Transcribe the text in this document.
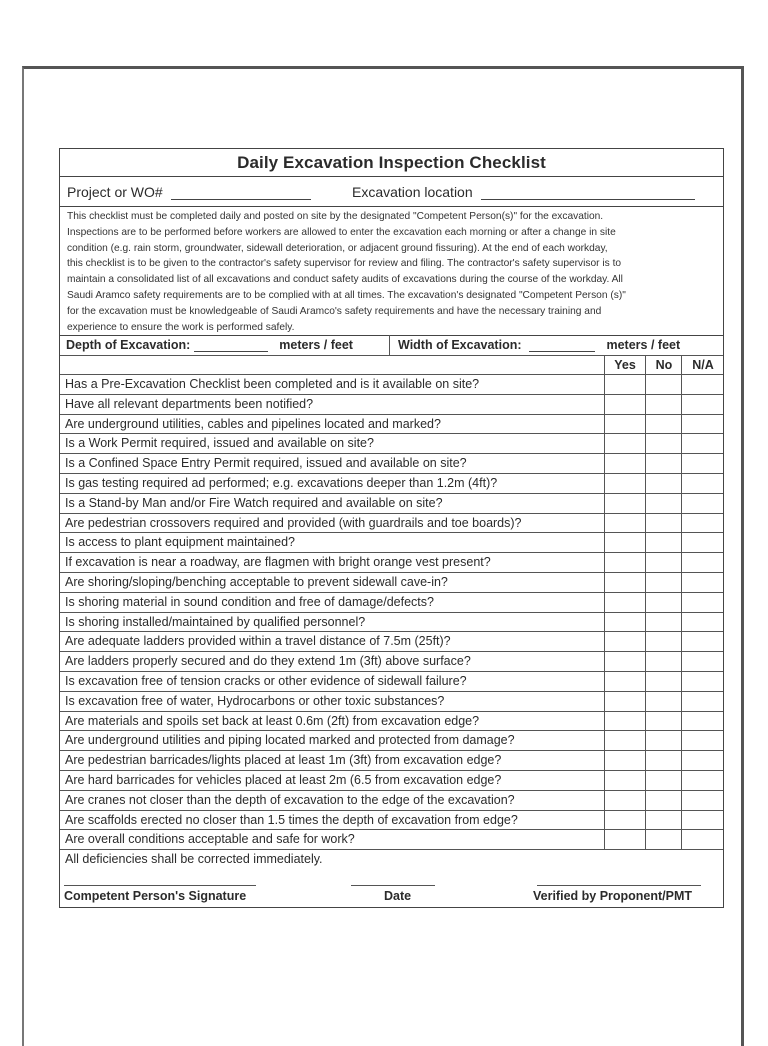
Daily Excavation Inspection Checklist
Project or WO#	Excavation location
This checklist must be completed daily and posted on site by the designated "Competent Person(s)" for the excavation.
Inspections are to be performed before workers are allowed to enter the excavation each morning or after a change in site
condition (e.g. rain storm, groundwater, sidewall deterioration, or adjacent ground fissuring). At the end of each workday,
this checklist is to be given to the contractor's safety supervisor for review and filing. The contractor's safety supervisor is to
maintain a consolidated list of all excavations and conduct safety audits of excavations during the course of the workday. All
Saudi Aramco safety requirements are to be complied with at all times. The excavation's designated "Competent Person (s)"
for the excavation must be knowledgeable of Saudi Aramco's safety requirements and have the necessary training and
experience to ensure the work is performed safely.
Depth of Excavation:	meters / feet	Width of Excavation:	meters / feet
Yes	No	N/A
Has a Pre-Excavation Checklist been completed and is it available on site?
Have all relevant departments been notified?
Are underground utilities, cables and pipelines located and marked?
Is a Work Permit required, issued and available on site?
Is a Confined Space Entry Permit required, issued and available on site?
Is gas testing required ad performed; e.g. excavations deeper than 1.2m (4ft)?
Is a Stand-by Man and/or Fire Watch required and available on site?
Are pedestrian crossovers required and provided (with guardrails and toe boards)?
Is access to plant equipment maintained?
If excavation is near a roadway, are flagmen with bright orange vest present?
Are shoring/sloping/benching acceptable to prevent sidewall cave-in?
Is shoring material in sound condition and free of damage/defects?
Is shoring installed/maintained by qualified personnel?
Are adequate ladders provided within a travel distance of 7.5m (25ft)?
Are ladders properly secured and do they extend 1m (3ft) above surface?
Is excavation free of tension cracks or other evidence of sidewall failure?
Is excavation free of water, Hydrocarbons or other toxic substances?
Are materials and spoils set back at least 0.6m (2ft) from excavation edge?
Are underground utilities and piping located marked and protected from damage?
Are pedestrian barricades/lights placed at least 1m (3ft) from excavation edge?
Are hard barricades for vehicles placed at least 2m (6.5 from excavation edge?
Are cranes not closer than the depth of excavation to the edge of the excavation?
Are scaffolds erected no closer than 1.5 times the depth of excavation from edge?
Are overall conditions acceptable and safe for work?
All deficiencies shall be corrected immediately.
Competent Person's Signature	Date	Verified by Proponent/PMT
